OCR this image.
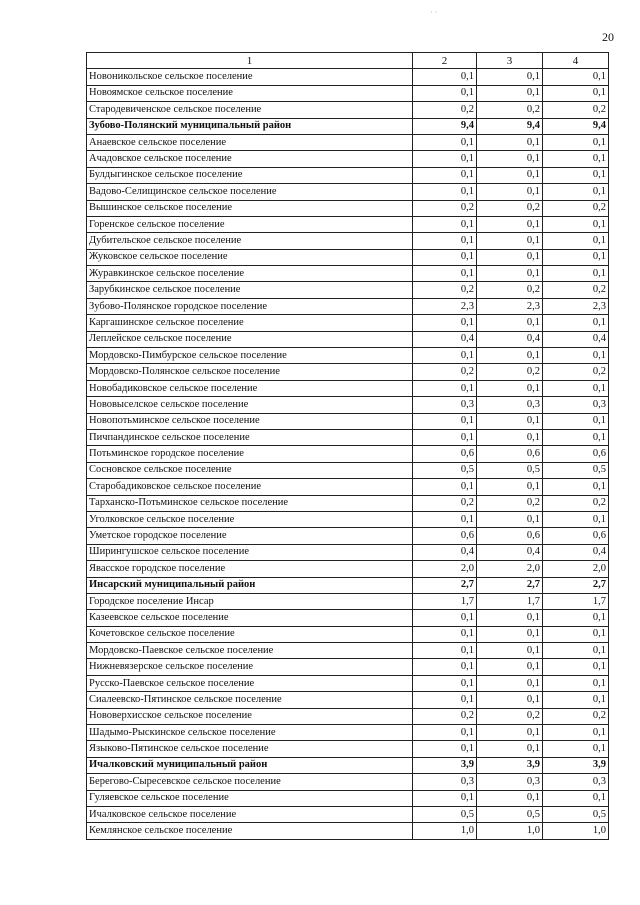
20
1	2	3	4
Новоникольское сельское поселение	0,1	0,1	0,1
Новоямское сельское поселение	0,1	0,1	0,1
Стародевиченское сельское поселение	0,2	0,2	0,2
Зубово-Полянский муниципальный район	9,4	9,4	9,4
Анаевское сельское поселение	0,1	0,1	0,1
Ачадовское сельское поселение	0,1	0,1	0,1
Булдыгинское сельское поселение	0,1	0,1	0,1
Вадово-Селищинское сельское поселение	0,1	0,1	0,1
Вышинское сельское поселение	0,2	0,2	0,2
Горенское сельское поселение	0,1	0,1	0,1
Дубительское сельское поселение	0,1	0,1	0,1
Жуковское сельское поселение	0,1	0,1	0,1
Журавкинское сельское поселение	0,1	0,1	0,1
Зарубкинское сельское поселение	0,2	0,2	0,2
Зубово-Полянское городское поселение	2,3	2,3	2,3
Каргашинское сельское поселение	0,1	0,1	0,1
Леплейское сельское поселение	0,4	0,4	0,4
Мордовско-Пимбурское сельское поселение	0,1	0,1	0,1
Мордовско-Полянское сельское поселение	0,2	0,2	0,2
Новобадиковское сельское поселение	0,1	0,1	0,1
Нововыселское сельское поселение	0,3	0,3	0,3
Новопотьминское сельское поселение	0,1	0,1	0,1
Пичпандинское сельское поселение	0,1	0,1	0,1
Потьминское городское поселение	0,6	0,6	0,6
Сосновское сельское поселение	0,5	0,5	0,5
Старобадиковское сельское поселение	0,1	0,1	0,1
Тарханско-Потьминское сельское поселение	0,2	0,2	0,2
Уголковское сельское поселение	0,1	0,1	0,1
Уметское городское поселение	0,6	0,6	0,6
Ширингушское сельское поселение	0,4	0,4	0,4
Явасское городское поселение	2,0	2,0	2,0
Инсарский муниципальный район	2,7	2,7	2,7
Городское поселение Инсар	1,7	1,7	1,7
Казеевское сельское поселение	0,1	0,1	0,1
Кочетовское сельское поселение	0,1	0,1	0,1
Мордовско-Паевское сельское поселение	0,1	0,1	0,1
Нижневязерское сельское поселение	0,1	0,1	0,1
Русско-Паевское сельское поселение	0,1	0,1	0,1
Сиалеевско-Пятинское сельское поселение	0,1	0,1	0,1
Нововерхисское сельское поселение	0,2	0,2	0,2
Шадымо-Рыскинское сельское поселение	0,1	0,1	0,1
Языково-Пятинское сельское поселение	0,1	0,1	0,1
Ичалковский муниципальный район	3,9	3,9	3,9
Берегово-Сыресевское сельское поселение	0,3	0,3	0,3
Гуляевское сельское поселение	0,1	0,1	0,1
Ичалковское сельское поселение	0,5	0,5	0,5
Кемлянское сельское поселение	1,0	1,0	1,0
· ·
